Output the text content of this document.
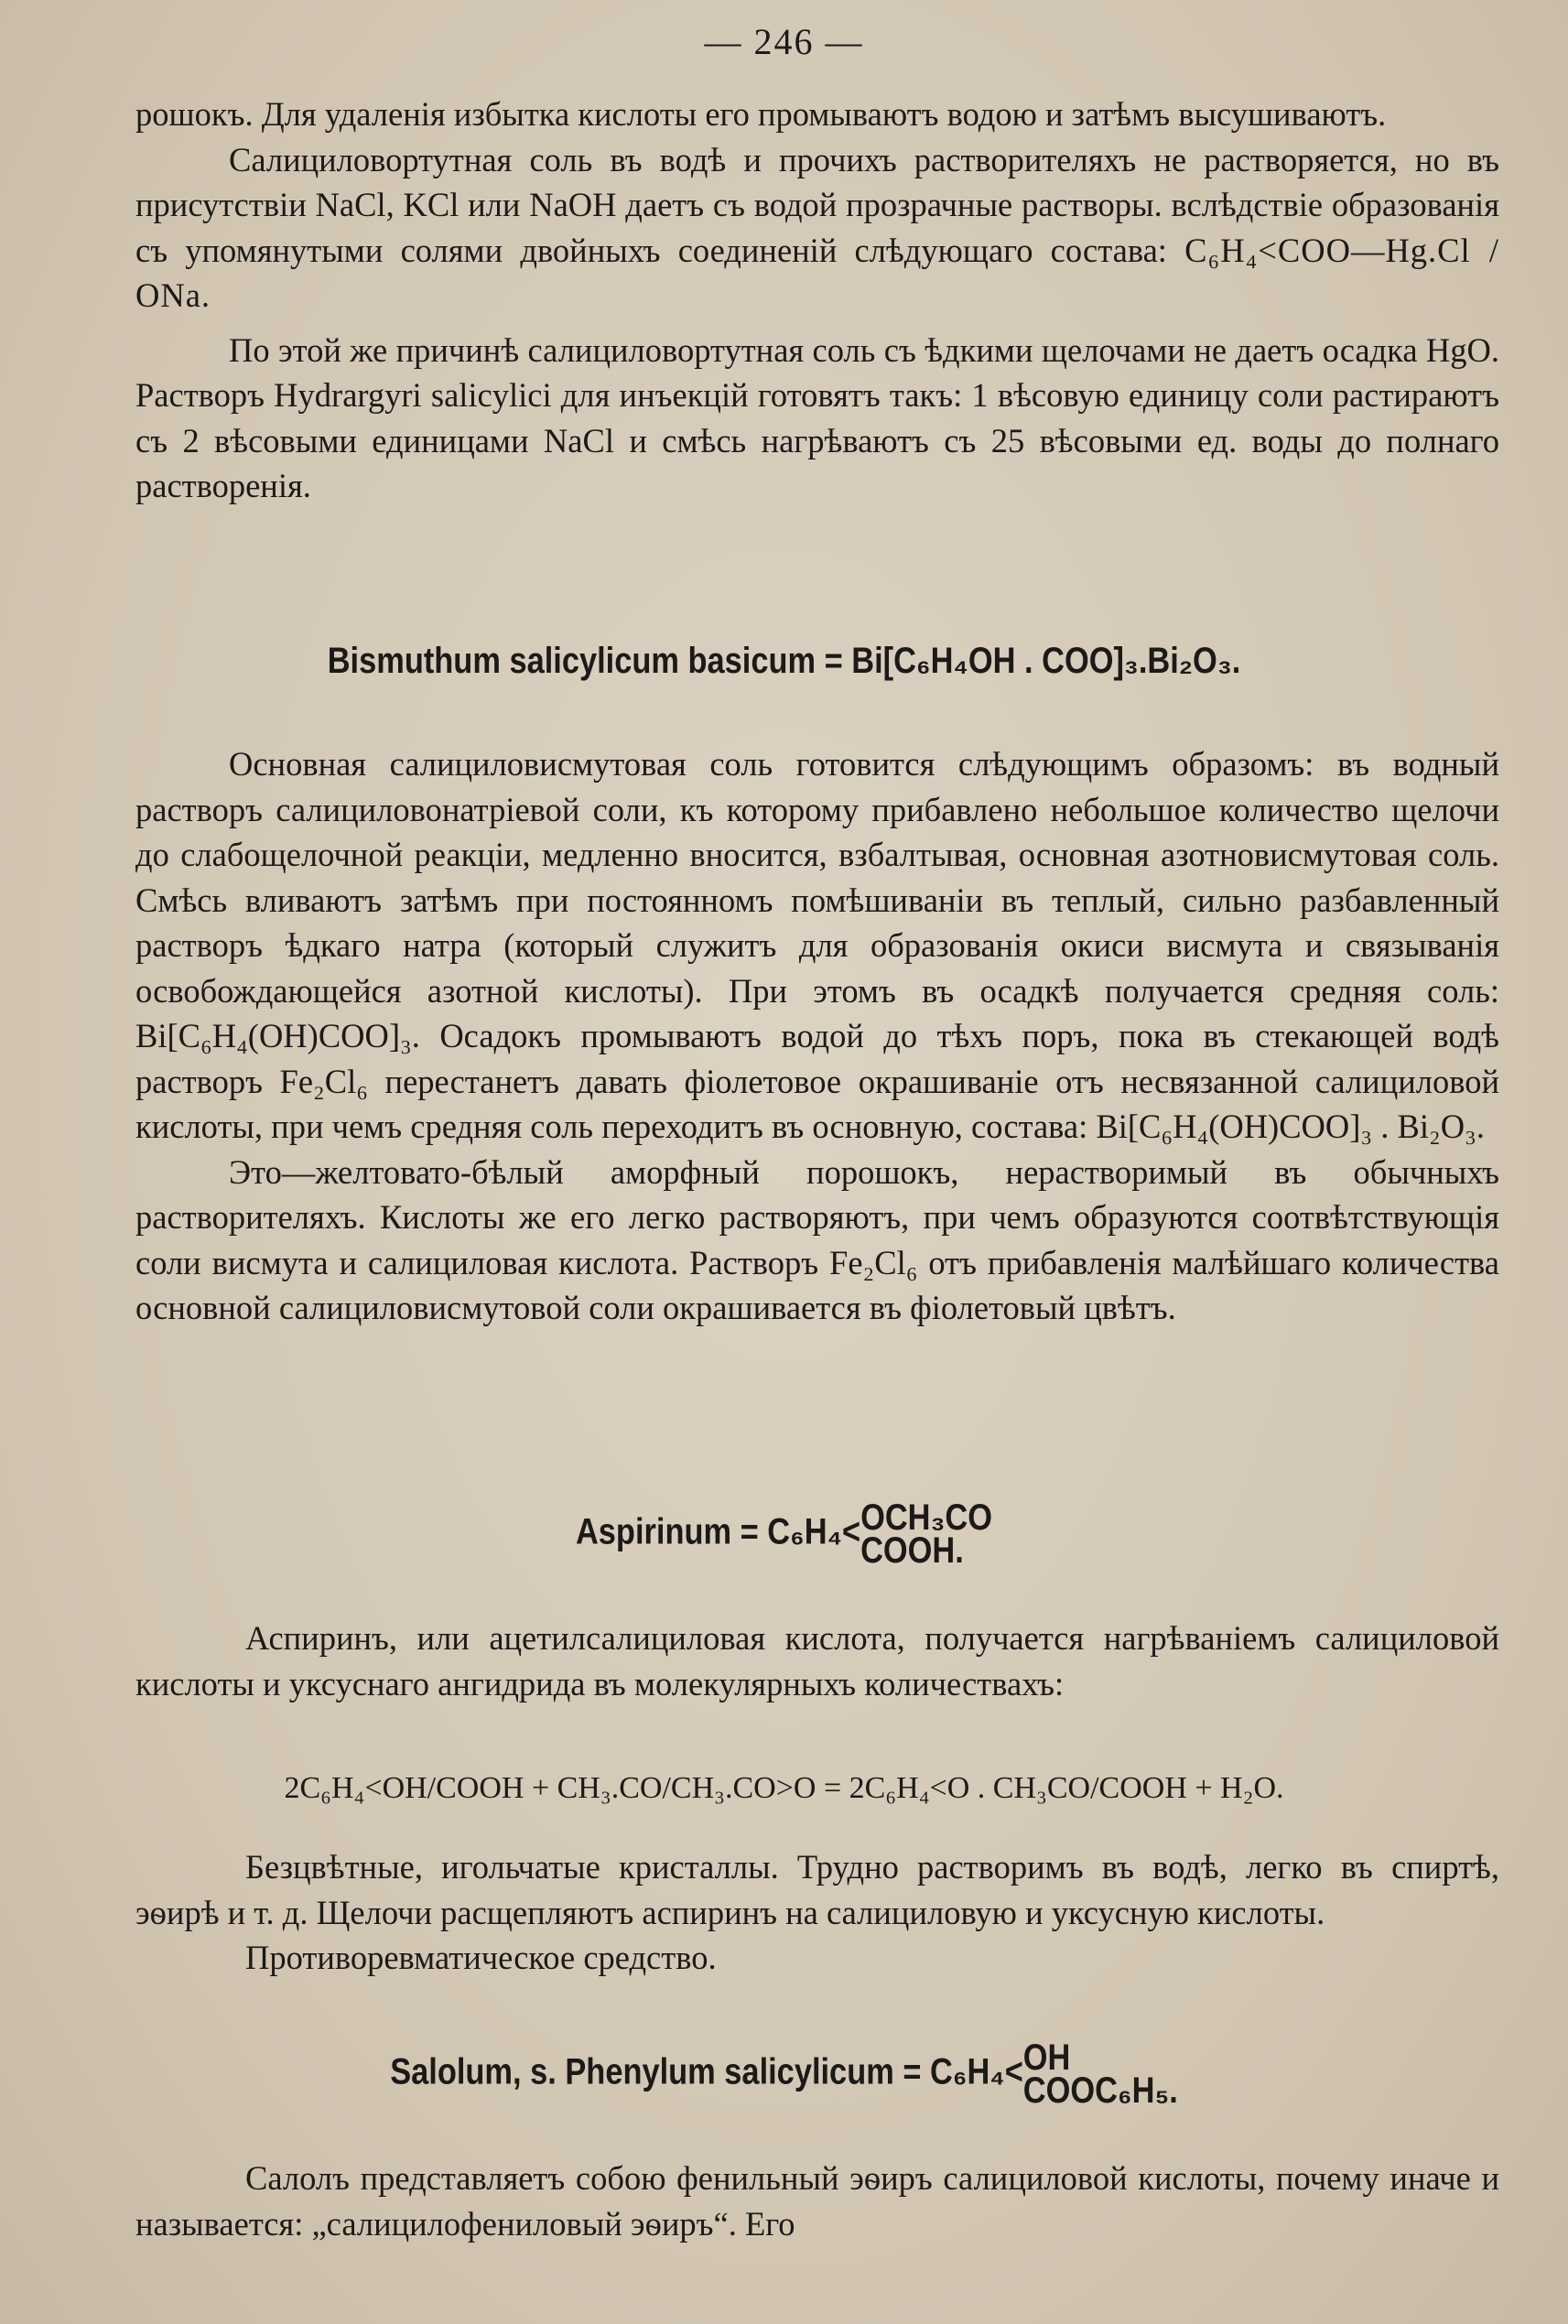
— 246 —

рошокъ. Для удаленія избытка кислоты его промываютъ водою и затѣмъ высушиваютъ.

Салициловортутная соль въ водѣ и прочихъ растворителяхъ не растворяется, но въ присутствіи NaCl, KCl или NaOH даетъ съ водой прозрачные растворы. вслѣдствіе образованія съ упомянутыми солями двойныхъ соединеній слѣдующаго состава: C₆H₄<COO—Hg.Cl / ONa.

По этой же причинѣ салициловортутная соль съ ѣдкими щелочами не даетъ осадка HgO. Растворъ Hydrargyri salicylici для инъекцій готовятъ такъ: 1 вѣсовую единицу соли растираютъ съ 2 вѣсовыми единицами NaCl и смѣсь нагрѣваютъ съ 25 вѣсовыми ед. воды до полнаго растворенія.

Bismuthum salicylicum basicum = Bi[C₆H₄OH . COO]₃.Bi₂O₃.

Основная салициловисмутовая соль готовится слѣдующимъ образомъ: въ водный растворъ салициловонатріевой соли, къ которому прибавлено небольшое количество щелочи до слабощелочной реакціи, медленно вносится, взбалтывая, основная азотновисмутовая соль. Смѣсь вливаютъ затѣмъ при постоянномъ помѣшиваніи въ теплый, сильно разбавленный растворъ ѣдкаго натра (который служитъ для образованія окиси висмута и связыванія освобождающейся азотной кислоты). При этомъ въ осадкѣ получается средняя соль: Bi[C₆H₄(OH)COO]₃. Осадокъ промываютъ водой до тѣхъ поръ, пока въ стекающей водѣ растворъ Fe₂Cl₆ перестанетъ давать фіолетовое окрашиваніе отъ несвязанной салициловой кислоты, при чемъ средняя соль переходитъ въ основную, состава: Bi[C₆H₄(OH)COO]₃ . Bi₂O₃.

Это—желтовато-бѣлый аморфный порошокъ, нерастворимый въ обычныхъ растворителяхъ. Кислоты же его легко растворяютъ, при чемъ образуются соотвѣтствующія соли висмута и салициловая кислота. Растворъ Fe₂Cl₆ отъ прибавленія малѣйшаго количества основной салициловисмутовой соли окрашивается въ фіолетовый цвѣтъ.

Aspirinum = C₆H₄< OCH₃CO
COOH.

Аспиринъ, или ацетилсалициловая кислота, получается нагрѣваніемъ салициловой кислоты и уксуснаго ангидрида въ молекулярныхъ количествахъ:

2C₆H₄<OH/COOH + CH₃.CO/CH₃.CO>O = 2C₆H₄<O . CH₃CO/COOH + H₂O.

Безцвѣтные, игольчатые кристаллы. Трудно растворимъ въ водѣ, легко въ спиртѣ, эѳирѣ и т. д. Щелочи расщепляютъ аспиринъ на салициловую и уксусную кислоты.

Противоревматическое средство.

Salolum, s. Phenylum salicylicum = C₆H₄< OH
COOC₆H₅.

Салолъ представляетъ собою фенильный эѳиръ салициловой кислоты, почему иначе и называется: „салицилофениловый эѳиръ“. Его
